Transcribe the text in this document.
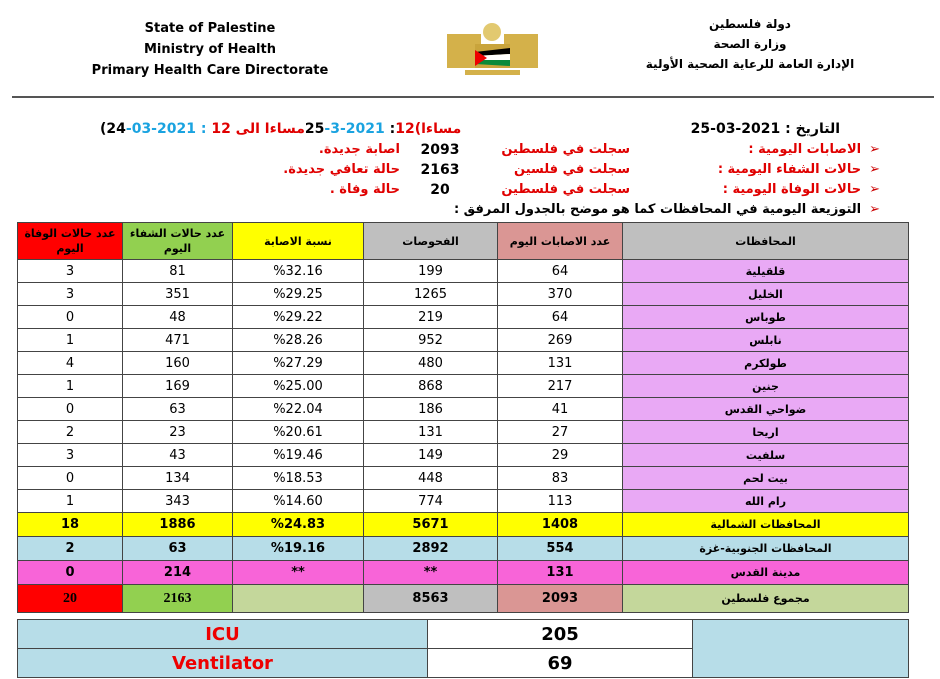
State of Palestine
Ministry of Health
Primary Health Care Directorate
دولة فلسطين
وزارة الصحة
الإدارة العامة للرعاية الصحية الأولية
(24-03-2021 : 12مساءا الى 25-3-2021 :12 مساءا)	التاريخ : 25-03-2021
➢الاصابات اليومية :
سجلت في فلسطين
2093
اصابة جديدة.
➢حالات الشفاء اليومية :
سجلت في فلسين
2163
حالة تعافي جديدة.
➢حالات الوفاة اليومية :
سجلت في فلسطين
20
حالة وفاة .
➢التوزيعة اليومية في المحافظات كما هو موضح بالجدول المرفق :
عدد حالات الوفاة اليوم	عدد حالات الشفاء اليوم	نسبة الاصابة	الفحوصات	عدد الاصابات اليوم	المحافظات
3	81	%32.16	199	64	قلقيلية
3	351	%29.25	1265	370	الخليل
0	48	%29.22	219	64	طوباس
1	471	%28.26	952	269	نابلس
4	160	%27.29	480	131	طولكرم
1	169	%25.00	868	217	جنين
0	63	%22.04	186	41	ضواحي القدس
2	23	%20.61	131	27	اريحا
3	43	%19.46	149	29	سلفيت
0	134	%18.53	448	83	بيت لحم
1	343	%14.60	774	113	رام الله
18	1886	%24.83	5671	1408	المحافظات الشمالية
2	63	%19.16	2892	554	المحافظات الجنوبية-غزة
0	214	**	**	131	مدينة القدس
20	2163		8563	2093	مجموع فلسطين
ICU	205	
Ventilator	69	
